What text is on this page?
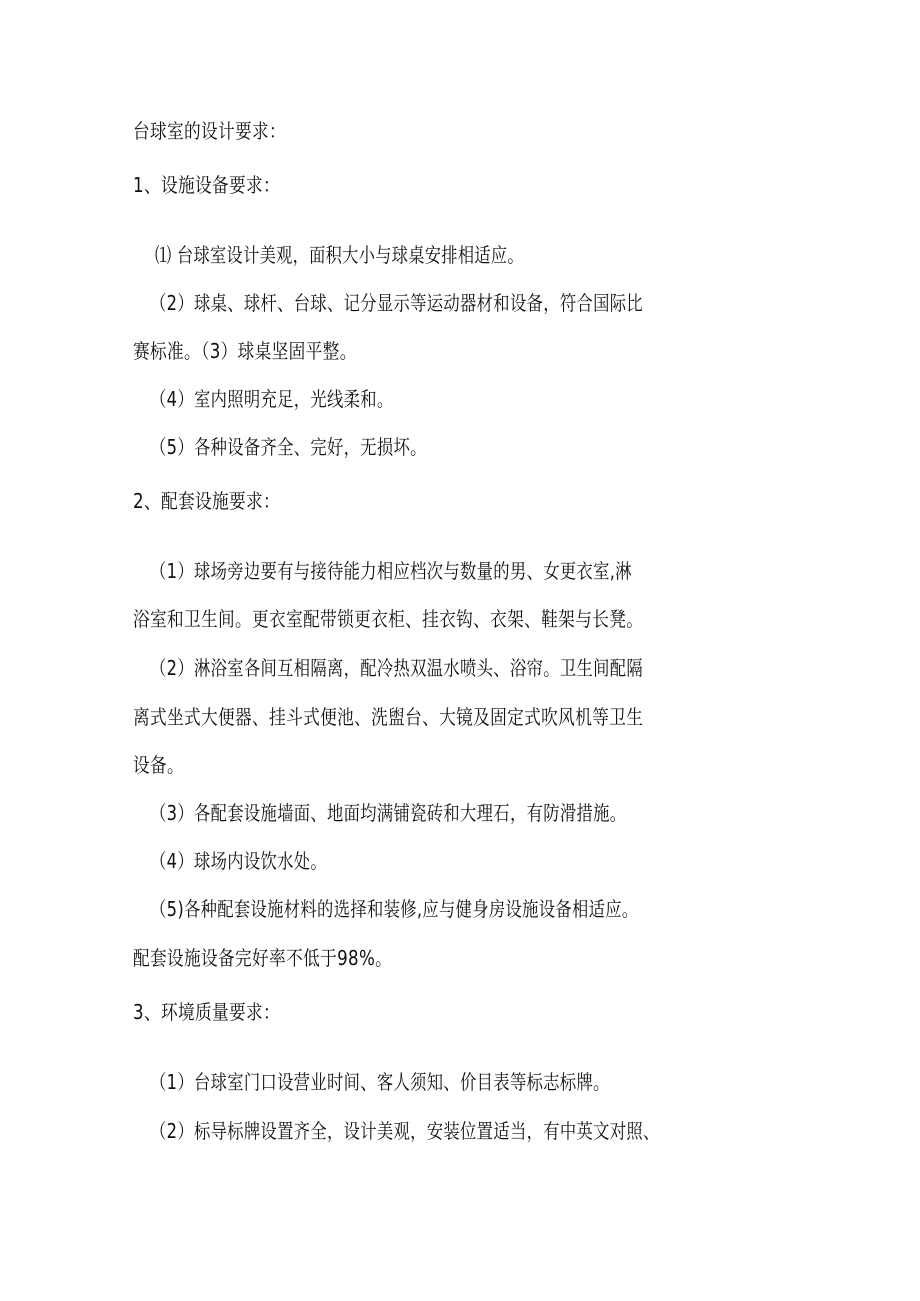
台球室的设计要求：
1、设施设备要求：
⑴ 台球室设计美观，面积大小与球桌安排相适应。
（2）球桌、球杆、台球、记分显示等运动器材和设备，符合国际比
赛标准。（3）球桌坚固平整。
（4）室内照明充足，光线柔和。
（5）各种设备齐全、完好，无损坏。
2、配套设施要求：
（1）球场旁边要有与接待能力相应档次与数量的男、女更衣室,淋
浴室和卫生间。更衣室配带锁更衣柜、挂衣钩、衣架、鞋架与长凳。
（2）淋浴室各间互相隔离，配冷热双温水喷头、浴帘。卫生间配隔
离式坐式大便器、挂斗式便池、洗盥台、大镜及固定式吹风机等卫生
设备。
（3）各配套设施墙面、地面均满铺瓷砖和大理石，有防滑措施。
（4）球场内设饮水处。
（5)各种配套设施材料的选择和装修,应与健身房设施设备相适应。
配套设施设备完好率不低于98%。
3、环境质量要求：
（1）台球室门口设营业时间、客人须知、价目表等标志标牌。
（2）标导标牌设置齐全，设计美观，安装位置适当，有中英文对照、
